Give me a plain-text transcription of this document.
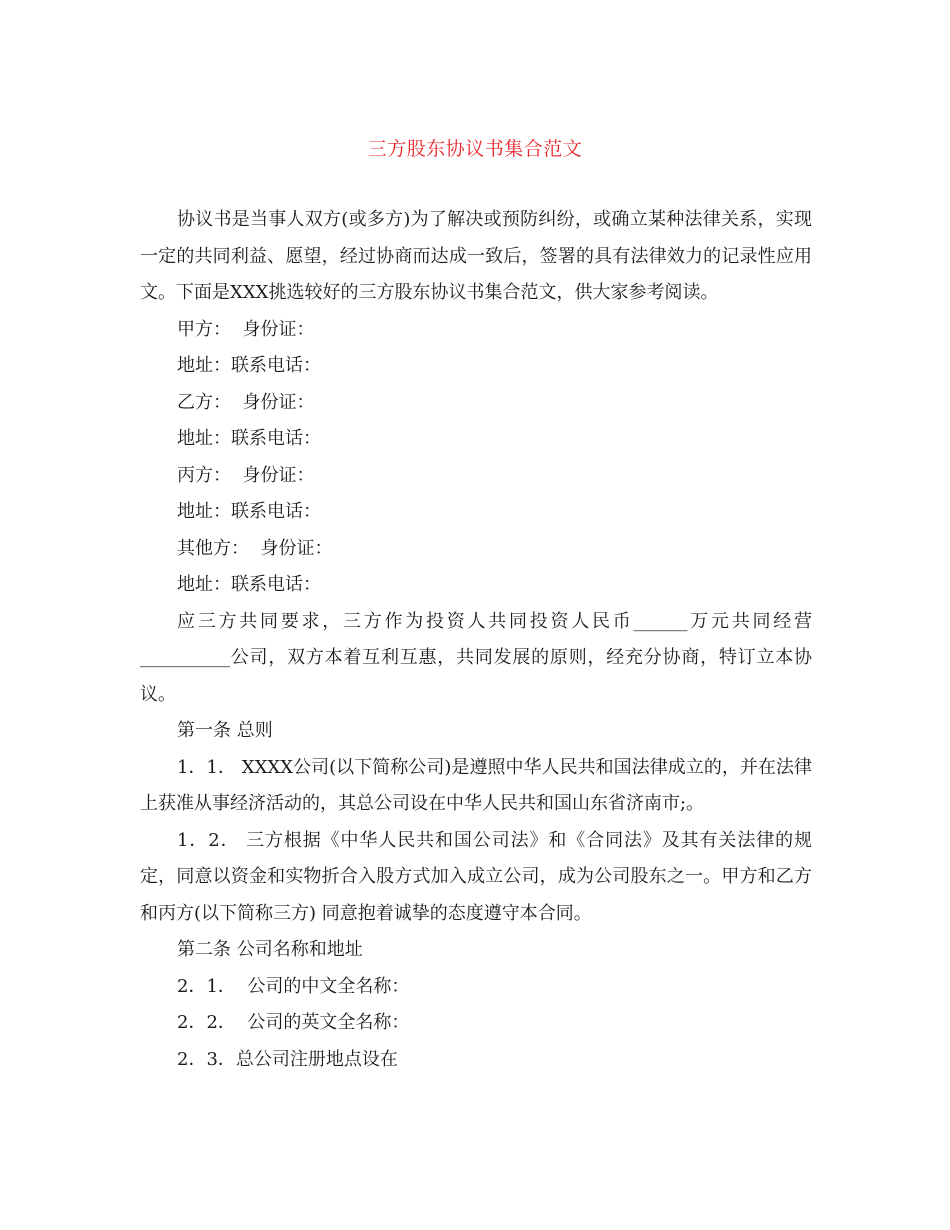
三方股东协议书集合范文

协议书是当事人双方(或多方)为了解决或预防纠纷，或确立某种法律关系，实现一定的共同利益、愿望，经过协商而达成一致后，签署的具有法律效力的记录性应用文。下面是XXX挑选较好的三方股东协议书集合范文，供大家参考阅读。

甲方：  身份证：

地址：联系电话：

乙方：  身份证：

地址：联系电话：

丙方：  身份证：

地址：联系电话：

其他方：  身份证：

地址：联系电话：

应三方共同要求，三方作为投资人共同投资人民币______万元共同经营__________公司，双方本着互利互惠，共同发展的原则，经充分协商，特订立本协议。

第一条 总则

1．1． XXXX公司(以下简称公司)是遵照中华人民共和国法律成立的，并在法律上获准从事经济活动的，其总公司设在中华人民共和国山东省济南市;。

1．2． 三方根据《中华人民共和国公司法》和《合同法》及其有关法律的规定，同意以资金和实物折合入股方式加入成立公司，成为公司股东之一。甲方和乙方和丙方(以下简称三方) 同意抱着诚挚的态度遵守本合同。

第二条 公司名称和地址

2．1．  公司的中文全名称：

2．2．  公司的英文全名称：

2．3．总公司注册地点设在
